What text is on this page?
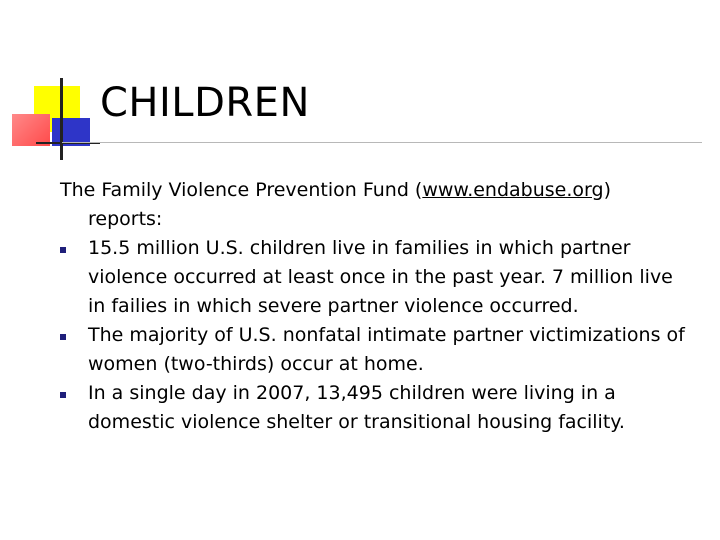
CHILDREN

The Family Violence Prevention Fund (www.endabuse.org) reports:

15.5 million U.S. children live in families in which partner violence occurred at least once in the past year. 7 million live in failies in which severe partner violence occurred.
The majority of U.S. nonfatal intimate partner victimizations of women (two-thirds) occur at home.
In a single day in 2007, 13,495 children were living in a domestic violence shelter or transitional housing facility.
